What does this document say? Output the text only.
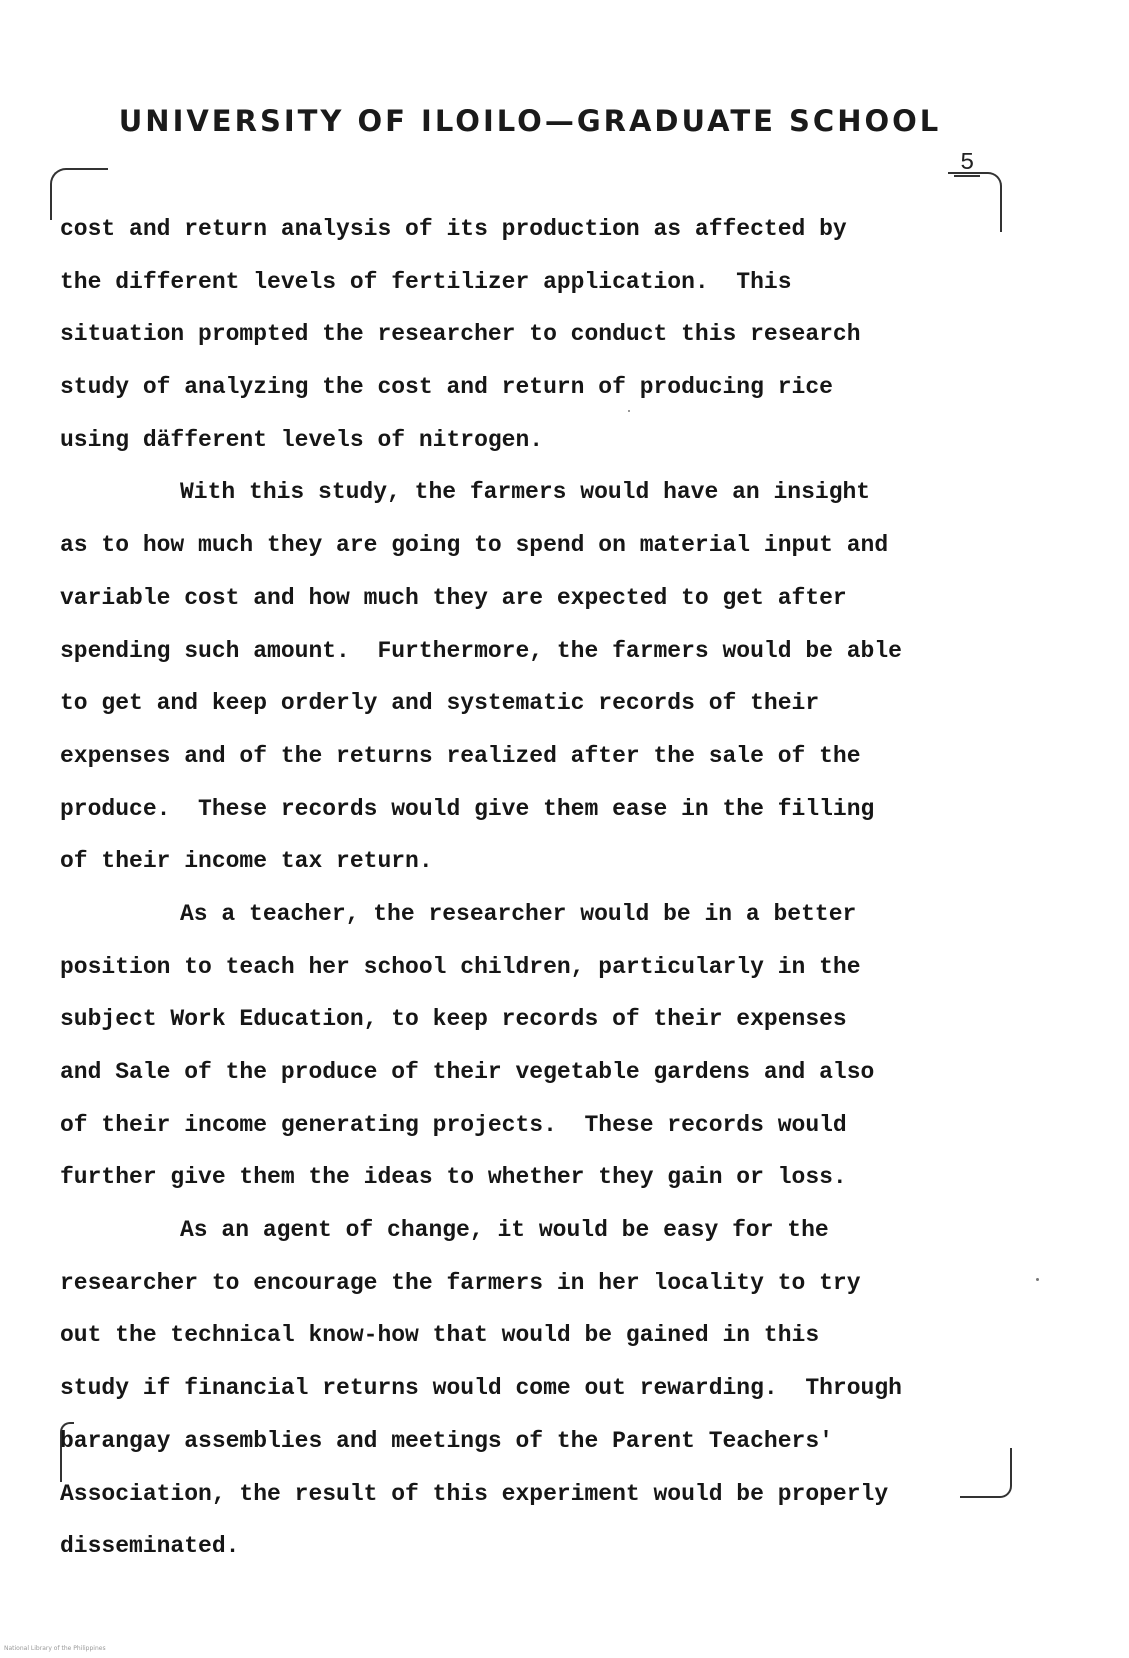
UNIVERSITY OF ILOILO—GRADUATE SCHOOL
5
cost and return analysis of its production as affected by
the different levels of fertilizer application.  This
situation prompted the researcher to conduct this research
study of analyzing the cost and return of producing rice
using däfferent levels of nitrogen.
With this study, the farmers would have an insight
as to how much they are going to spend on material input and
variable cost and how much they are expected to get after
spending such amount.  Furthermore, the farmers would be able
to get and keep orderly and systematic records of their
expenses and of the returns realized after the sale of the
produce.  These records would give them ease in the filling
of their income tax return.
As a teacher, the researcher would be in a better
position to teach her school children, particularly in the
subject Work Education, to keep records of their expenses
and Sale of the produce of their vegetable gardens and also
of their income generating projects.  These records would
further give them the ideas to whether they gain or loss.
As an agent of change, it would be easy for the
researcher to encourage the farmers in her locality to try
out the technical know-how that would be gained in this
study if financial returns would come out rewarding.  Through
barangay assemblies and meetings of the Parent Teachers'
Association, the result of this experiment would be properly
disseminated.
National Library of the Philippines
